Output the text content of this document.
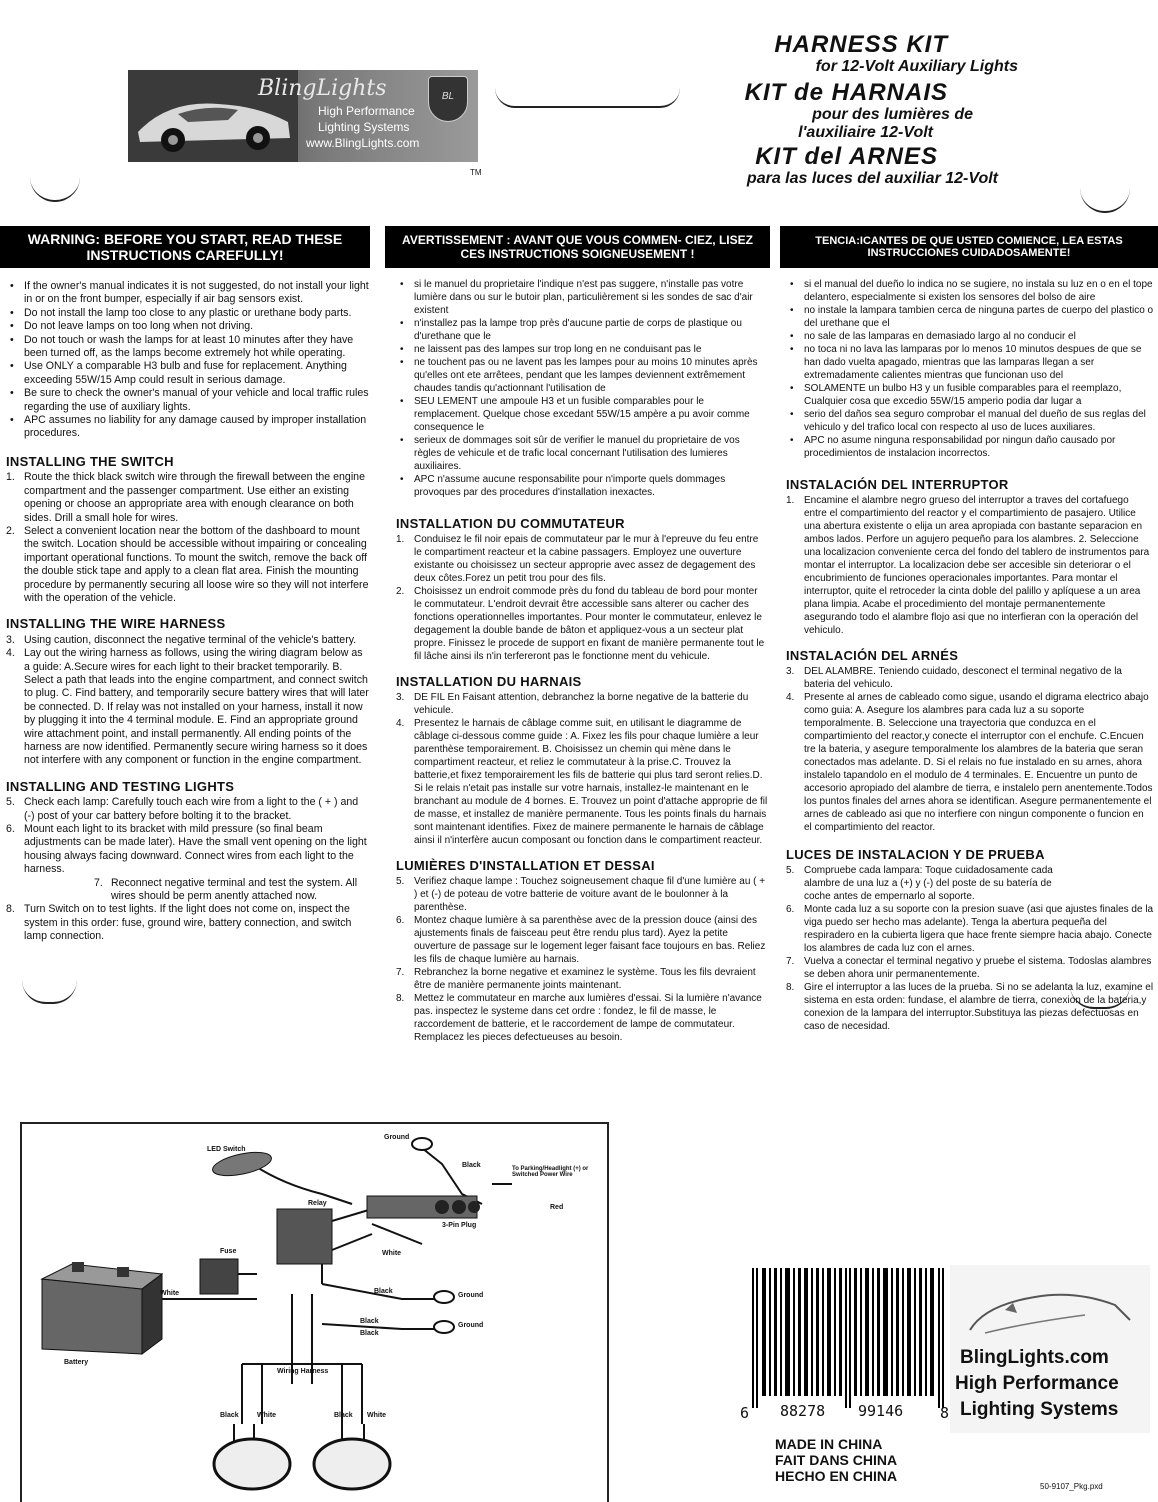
BlingLights
High Performance
Lighting Systems
www.BlingLights.com
BL
TM
HARNESS KIT
for 12-Volt Auxiliary Lights
KIT de HARNAIS
pour des lumières de
l'auxiliaire 12-Volt
KIT del ARNES
para las luces del auxiliar 12-Volt
WARNING: BEFORE YOU START, READ THESE INSTRUCTIONS CAREFULLY!
AVERTISSEMENT : AVANT QUE VOUS COMMEN- CIEZ, LISEZ CES INSTRUCTIONS SOIGNEUSEMENT !
TENCIA:ICANTES DE QUE USTED COMIENCE, LEA ESTAS INSTRUCCIONES CUIDADOSAMENTE!
• If the owner's manual indicates it is not suggested, do not install your light in or on the front bumper, especially if air bag sensors exist.
• Do not install the lamp too close to any plastic or urethane body parts.
• Do not leave lamps on too long when not driving.
• Do not touch or wash the lamps for at least 10 minutes after they have been turned off, as the lamps become extremely hot while operating.
• Use ONLY a comparable H3 bulb and fuse for replacement. Anything exceeding 55W/15 Amp could result in serious damage.
• Be sure to check the owner's manual of your vehicle and local traffic rules regarding the use of auxiliary lights.
• APC assumes no liability for any damage caused by improper installation procedures.
INSTALLING THE SWITCH
1. Route the thick black switch wire through the firewall between the engine compartment and the passenger compartment. Use either an existing opening or choose an appropriate area with enough clearance on both sides. Drill a small hole for wires.
2. Select a convenient location near the bottom of the dashboard to mount the switch. Location should be accessible without impairing or concealing important operational functions. To mount the switch, remove the back off the double stick tape and apply to a clean flat area. Finish the mounting procedure by permanently securing all loose wire so they will not interfere with the operation of the vehicle.
INSTALLING THE WIRE HARNESS
3. Using caution, disconnect the negative terminal of the vehicle's battery.
4. Lay out the wiring harness as follows, using the wiring diagram below as a guide: A.Secure wires for each light to their bracket temporarily. B. Select a path that leads into the engine compartment, and connect switch to plug. C. Find battery, and temporarily secure battery wires that will later be connected. D. If relay was not installed on your harness, install it now by plugging it into the 4 terminal module. E. Find an appropriate ground wire attachment point, and install permanently. All ending points of the harness are now identified. Permanently secure wiring harness so it does not interfere with any component or function in the engine compartment.
INSTALLING AND TESTING LIGHTS
5. Check each lamp: Carefully touch each wire from a light to the ( + ) and (-) post of your car battery before bolting it to the bracket.
6. Mount each light to its bracket with mild pressure (so final beam adjustments can be made later). Have the small vent opening on the light housing always facing downward. Connect wires from each light to the harness.
7. Reconnect negative terminal and test the system. All wires should be perm anently attached now.
8. Turn Switch on to test lights. If the light does not come on, inspect the system in this order: fuse, ground wire, battery connection, and switch lamp connection.
• si le manuel du proprietaire l'indique n'est pas suggere, n'installe pas votre lumière dans ou sur le butoir plan, particulièrement si les sondes de sac d'air existent
• n'installez pas la lampe trop près d'aucune partie de corps de plastique ou d'urethane que le
• ne laissent pas des lampes sur trop long en ne conduisant pas le
• ne touchent pas ou ne lavent pas les lampes pour au moins 10 minutes après qu'elles ont ete arrêtees, pendant que les lampes deviennent extrêmement chaudes tandis qu'actionnant l'utilisation de
• SEU LEMENT une ampoule H3 et un fusible comparables pour le remplacement. Quelque chose excedant 55W/15 ampère a pu avoir comme consequence le
• serieux de dommages soit sûr de verifier le manuel du proprietaire de vos règles de vehicule et de trafic local concernant l'utilisation des lumieres auxiliaires.
• APC n'assume aucune responsabilite pour n'importe quels dommages provoques par des procedures d'installation inexactes.
INSTALLATION DU COMMUTATEUR
1. Conduisez le fil noir epais de commutateur par le mur à l'epreuve du feu entre le compartiment reacteur et la cabine passagers. Employez une ouverture existante ou choisissez un secteur approprie avec assez de degagement des deux côtes.Forez un petit trou pour des fils.
2. Choisissez un endroit commode près du fond du tableau de bord pour monter le commutateur. L'endroit devrait être accessible sans alterer ou cacher des fonctions operationnelles importantes. Pour monter le commutateur, enlevez le degagement la double bande de bâton et appliquez-vous a un secteur plat propre. Finissez le procede de support en fixant de manière permanente tout le fil lâche ainsi ils n'in terfereront pas le fonctionne ment du vehicule.
INSTALLATION DU HARNAIS
3. DE FIL En Faisant attention, debranchez la borne negative de la batterie du vehicule.
4. Presentez le harnais de câblage comme suit, en utilisant le diagramme de câblage ci-dessous comme guide : A. Fixez les fils pour chaque lumière a leur parenthèse temporairement. B. Choisissez un chemin qui mène dans le compartiment reacteur, et reliez le commutateur à la prise.C. Trouvez la batterie,et fixez temporairement les fils de batterie qui plus tard seront relies.D. Si le relais n'etait pas installe sur votre harnais, installez-le maintenant en le branchant au module de 4 bornes. E. Trouvez un point d'attache approprie de fil de masse, et installez de manière permanente. Tous les points finals du harnais sont maintenant identifies. Fixez de mainere permanente le harnais de câblage ainsi il n'interfère aucun composant ou fonction dans le compartiment reacteur.
LUMIÈRES D'INSTALLATION ET DESSAI
5. Verifiez chaque lampe : Touchez soigneusement chaque fil d'une lumière au ( + ) et (-) de poteau de votre batterie de voiture avant de le boulonner à la parenthèse.
6. Montez chaque lumière à sa parenthèse avec de la pression douce (ainsi des ajustements finals de faisceau peut être rendu plus tard). Ayez la petite ouverture de passage sur le logement leger faisant face toujours en bas. Reliez les fils de chaque lumière au harnais.
7. Rebranchez la borne negative et examinez le système. Tous les fils devraient être de manière permanente joints maintenant.
8. Mettez le commutateur en marche aux lumières d'essai. Si la lumière n'avance pas. inspectez le systeme dans cet ordre : fondez, le fil de masse, le raccordement de batterie, et le raccordement de lampe de commutateur. Remplacez les pieces defectueuses au besoin.
• si el manual del dueño lo indica no se sugiere, no instala su luz en o en el tope delantero, especialmente si existen los sensores del bolso de aire
• no instale la lampara tambien cerca de ninguna partes de cuerpo del plastico o del urethane que el
• no sale de las lamparas en demasiado largo al no conducir el
• no toca ni no lava las lamparas por lo menos 10 minutos despues de que se han dado vuelta apagado, mientras que las lamparas llegan a ser extremadamente calientes mientras que funcionan uso del
• SOLAMENTE un bulbo H3 y un fusible comparables para el reemplazo, Cualquier cosa que excedio 55W/15 amperio podia dar lugar a
• serio del daños sea seguro comprobar el manual del dueño de sus reglas del vehiculo y del trafico local con respecto al uso de luces auxiliares.
• APC no asume ninguna responsabilidad por ningun daño causado por procedimientos de instalacion incorrectos.
INSTALACIÓN DEL INTERRUPTOR
1. Encamine el alambre negro grueso del interruptor a traves del cortafuego entre el compartimiento del reactor y el compartimiento de pasajero. Utilice una abertura existente o elija un area apropiada con bastante separacion en ambos lados. Perfore un agujero pequeño para los alambres. 2. Seleccione una localizacion conveniente cerca del fondo del tablero de instrumentos para montar el interruptor. La localizacion debe ser accesible sin deteriorar o el encubrimiento de funciones operacionales importantes. Para montar el interruptor, quite el retroceder la cinta doble del palillo y aplíquese a un area plana limpia. Acabe el procedimiento del montaje permanentemente asegurando todo el alambre flojo asi que no interfieran con la operación del vehiculo.
INSTALACIÓN DEL ARNÉS
3. DEL ALAMBRE. Teniendo cuidado, desconect el terminal negativo de la bateria del vehiculo.
4. Presente al arnes de cableado como sigue, usando el digrama electrico abajo como guia: A. Asegure los alambres para cada luz a su soporte temporalmente. B. Seleccione una trayectoria que conduzca en el compartimiento del reactor,y conecte el interruptor con el enchufe. C.Encuen tre la bateria, y asegure temporalmente los alambres de la bateria que seran conectados mas adelante. D. Si el relais no fue instalado en su arnes, ahora instalelo tapandolo en el modulo de 4 terminales. E. Encuentre un punto de accesorio apropiado del alambre de tierra, e instalelo pern anentemente.Todos los puntos finales del arnes ahora se identifican. Asegure permanentemente el arnes de cableado asi que no interfiere con ningun componente o funcion en el compartimiento del reactor.
LUCES DE INSTALACION Y DE PRUEBA
5. Compruebe cada lampara: Toque cuidadosamente cada alambre de una luz a (+) y (-) del poste de su batería de coche antes de empernarlo al soporte.
6. Monte cada luz a su soporte con la presion suave (asi que ajustes finales de la viga puedo ser hecho mas adelante). Tenga la abertura pequeña del respiradero en la cubierta ligera que hace frente siempre hacia abajo. Conecte los alambres de cada luz con el arnes.
7. Vuelva a conectar el terminal negativo y pruebe el sistema. Todoslas alambres se deben ahora unir permanentemente.
8. Gire el interruptor a las luces de la prueba. Si no se adelanta la luz, examine el sistema en esta orden: fundase, el alambre de tierra, conexion de la bateria,y conexion de la lampara del interruptor.Substituya las piezas defectuosas en caso de necesidad.
LED Switch
Relay
Fuse
Battery
3-Pin Plug
Wiring Harness
Ground
Ground
Ground
To Parking/Headlight (+) or Switched Power Wire
Black
White
White	Black
Black
Black
Red
Black	White	Black White	6 88278 99146 8
BlingLights.com
High Performance
Lighting Systems
MADE IN CHINA
FAIT DANS CHINA
HECHO EN CHINA
50-9107_Pkg.pxd
